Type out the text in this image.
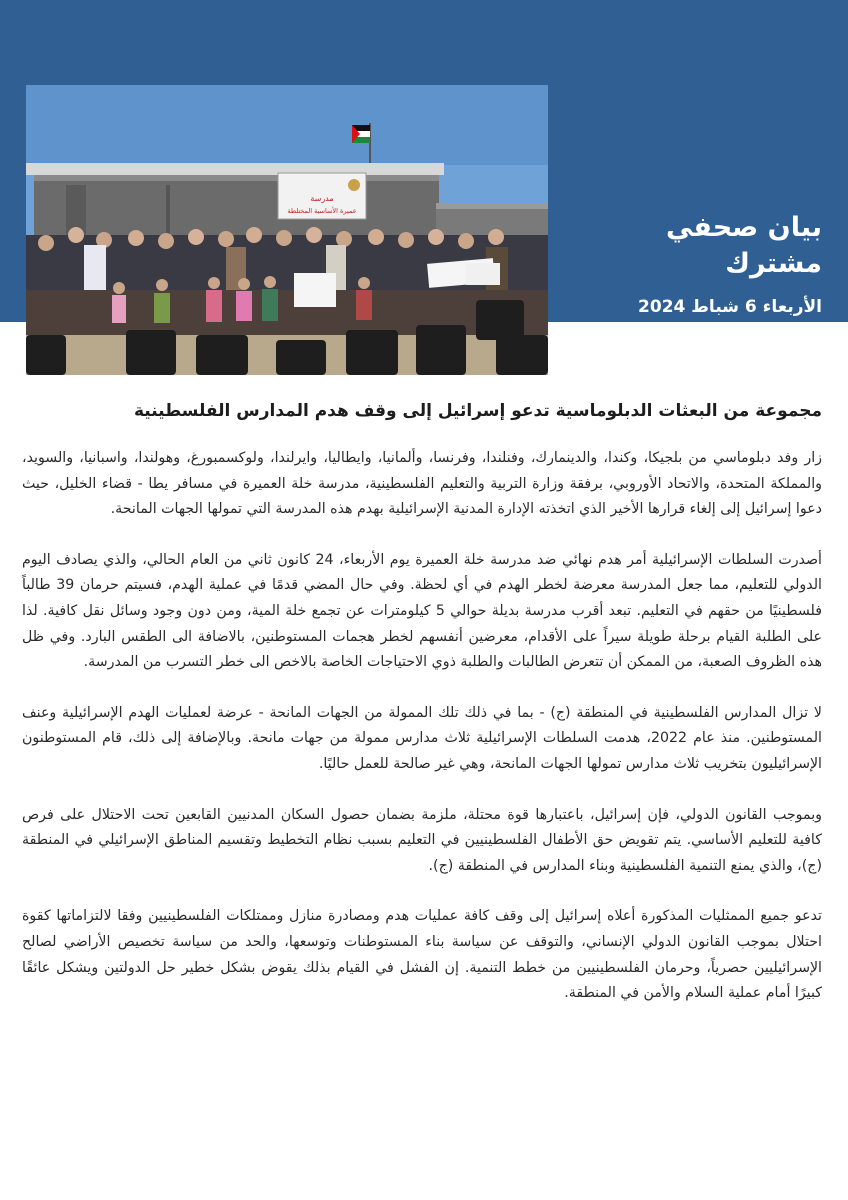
مدرسة
عميرة الأساسية المختلطة
بيان صحفي مشترك
الأربعاء 6 شباط 2024
مجموعة من البعثات الدبلوماسية تدعو إسرائيل إلى وقف هدم المدارس الفلسطينية

زار وفد دبلوماسي من بلجيكا، وكندا، والدينمارك، وفنلندا، وفرنسا، وألمانيا، وايطاليا، وايرلندا، ولوكسمبورغ، وهولندا، واسبانيا، والسويد، والمملكة المتحدة، والاتحاد الأوروبي، برفقة وزارة التربية والتعليم الفلسطينية، مدرسة خلة العميرة في مسافر يطا - قضاء الخليل، حيث دعوا إسرائيل إلى إلغاء قرارها الأخير الذي اتخذته الإدارة المدنية الإسرائيلية بهدم هذه المدرسة التي تمولها الجهات المانحة.

أصدرت السلطات الإسرائيلية أمر هدم نهائي ضد مدرسة خلة العميرة يوم الأربعاء، 24 كانون ثاني من العام الحالي، والذي يصادف اليوم الدولي للتعليم، مما جعل المدرسة معرضة لخطر الهدم في أي لحظة. وفي حال المضي قدمًا في عملية الهدم، فسيتم حرمان 39 طالباً فلسطينيًا من حقهم في التعليم. تبعد أقرب مدرسة بديلة حوالي 5 كيلومترات عن تجمع خلة المية، ومن دون وجود وسائل نقل كافية. لذا على الطلبة القيام برحلة طويلة سيراً على الأقدام، معرضين أنفسهم لخطر هجمات المستوطنين، بالاضافة الى الطقس البارد. وفي ظل هذه الظروف الصعبة، من الممكن أن تتعرض الطالبات والطلبة ذوي الاحتياجات الخاصة بالاخص الى خطر التسرب من المدرسة.

لا تزال المدارس الفلسطينية في المنطقة (ج) - بما في ذلك تلك الممولة من الجهات المانحة - عرضة لعمليات الهدم الإسرائيلية وعنف المستوطنين. منذ عام 2022، هدمت السلطات الإسرائيلية ثلاث مدارس ممولة من جهات مانحة. وبالإضافة إلى ذلك، قام المستوطنون الإسرائيليون بتخريب ثلاث مدارس تمولها الجهات المانحة، وهي غير صالحة للعمل حاليًا.

وبموجب القانون الدولي، فإن إسرائيل، باعتبارها قوة محتلة، ملزمة بضمان حصول السكان المدنيين القابعين تحت الاحتلال على فرص كافية للتعليم الأساسي. يتم تقويض حق الأطفال الفلسطينيين في التعليم بسبب نظام التخطيط وتقسيم المناطق الإسرائيلي في المنطقة (ج)، والذي يمنع التنمية الفلسطينية وبناء المدارس في المنطقة (ج).

تدعو جميع الممثليات المذكورة أعلاه إسرائيل إلى وقف كافة عمليات هدم ومصادرة منازل وممتلكات الفلسطينيين وفقا لالتزاماتها كقوة احتلال بموجب القانون الدولي الإنساني، والتوقف عن سياسة بناء المستوطنات وتوسعها، والحد من سياسة تخصيص الأراضي لصالح الإسرائيليين حصرياً، وحرمان الفلسطينيين من خطط التنمية. إن الفشل في القيام بذلك يقوض بشكل خطير حل الدولتين ويشكل عائقًا كبيرًا أمام عملية السلام والأمن في المنطقة.
